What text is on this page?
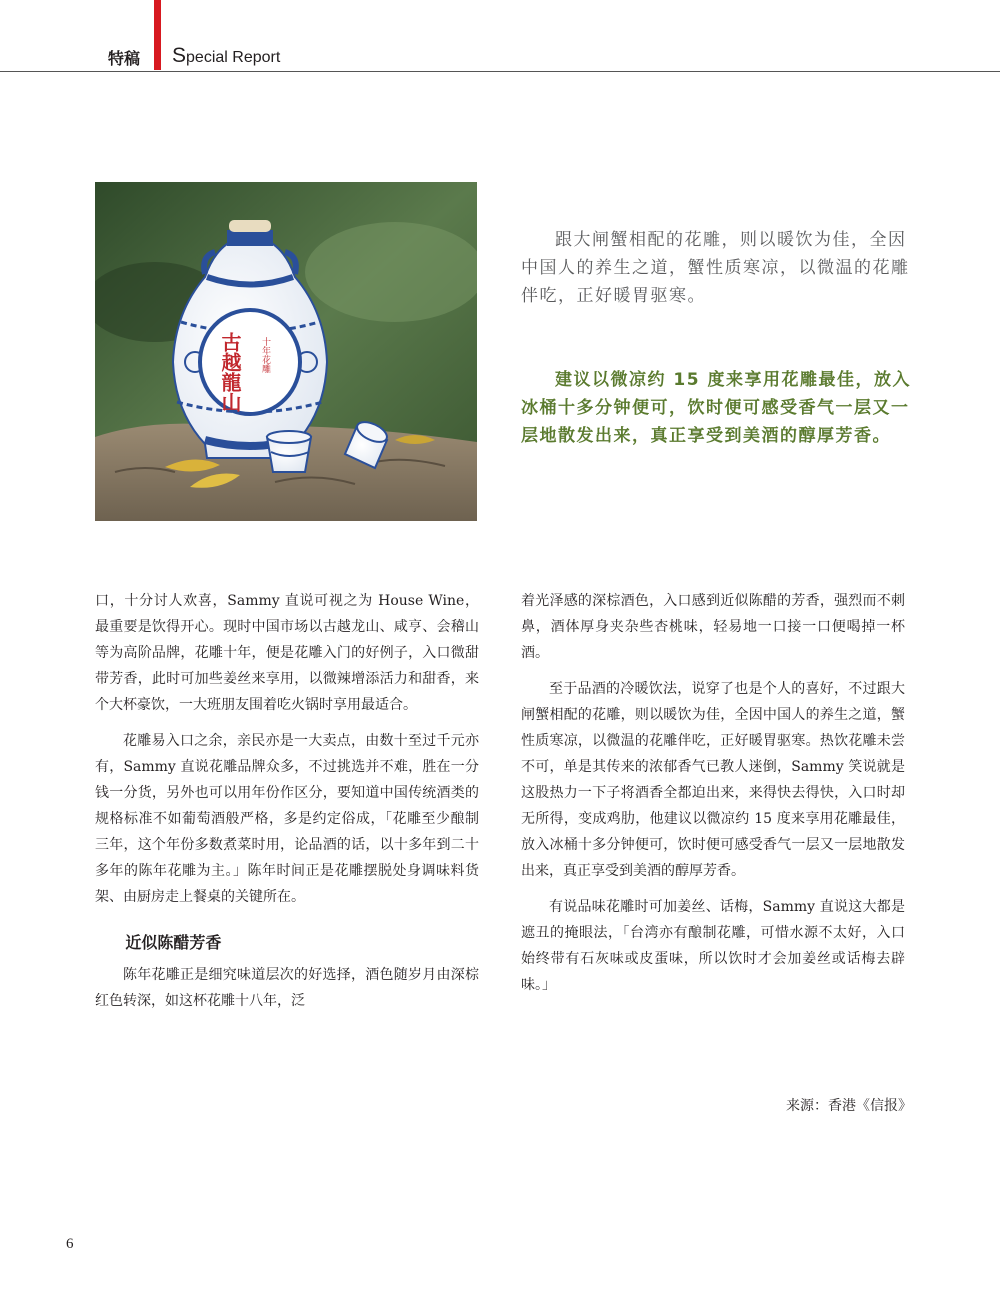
特稿 Special Report
古越龍山 十年花雕

跟大闸蟹相配的花雕，则以暖饮为佳，全因中国人的养生之道，蟹性质寒凉，以微温的花雕伴吃，正好暖胃驱寒。

建议以微凉约 15 度来享用花雕最佳，放入冰桶十多分钟便可，饮时便可感受香气一层又一层地散发出来，真正享受到美酒的醇厚芳香。

口，十分讨人欢喜，Sammy 直说可视之为 House Wine，最重要是饮得开心。现时中国市场以古越龙山、咸亨、会稽山等为高阶品牌，花雕十年，便是花雕入门的好例子，入口微甜带芳香，此时可加些姜丝来享用，以微辣增添活力和甜香，来个大杯豪饮，一大班朋友围着吃火锅时享用最适合。

花雕易入口之余，亲民亦是一大卖点，由数十至过千元亦有，Sammy 直说花雕品牌众多，不过挑选并不难，胜在一分钱一分货，另外也可以用年份作区分，要知道中国传统酒类的规格标准不如葡萄酒般严格，多是约定俗成，「花雕至少酿制三年，这个年份多数煮菜时用，论品酒的话，以十多年到二十多年的陈年花雕为主。」陈年时间正是花雕摆脱处身调味料货架、由厨房走上餐桌的关键所在。

近似陈醋芳香

陈年花雕正是细究味道层次的好选择，酒色随岁月由深棕红色转深，如这杯花雕十八年，泛

着光泽感的深棕酒色，入口感到近似陈醋的芳香，强烈而不刺鼻，酒体厚身夹杂些杏桃味，轻易地一口接一口便喝掉一杯酒。

至于品酒的冷暖饮法，说穿了也是个人的喜好，不过跟大闸蟹相配的花雕，则以暖饮为佳，全因中国人的养生之道，蟹性质寒凉，以微温的花雕伴吃，正好暖胃驱寒。热饮花雕未尝不可，单是其传来的浓郁香气已教人迷倒，Sammy 笑说就是这股热力一下子将酒香全都迫出来，来得快去得快，入口时却无所得，变成鸡肋，他建议以微凉约 15 度来享用花雕最佳，放入冰桶十多分钟便可，饮时便可感受香气一层又一层地散发出来，真正享受到美酒的醇厚芳香。

有说品味花雕时可加姜丝、话梅，Sammy 直说这大都是遮丑的掩眼法，「台湾亦有酿制花雕，可惜水源不太好，入口始终带有石灰味或皮蛋味，所以饮时才会加姜丝或话梅去辟味。」

来源：香港《信报》
6
